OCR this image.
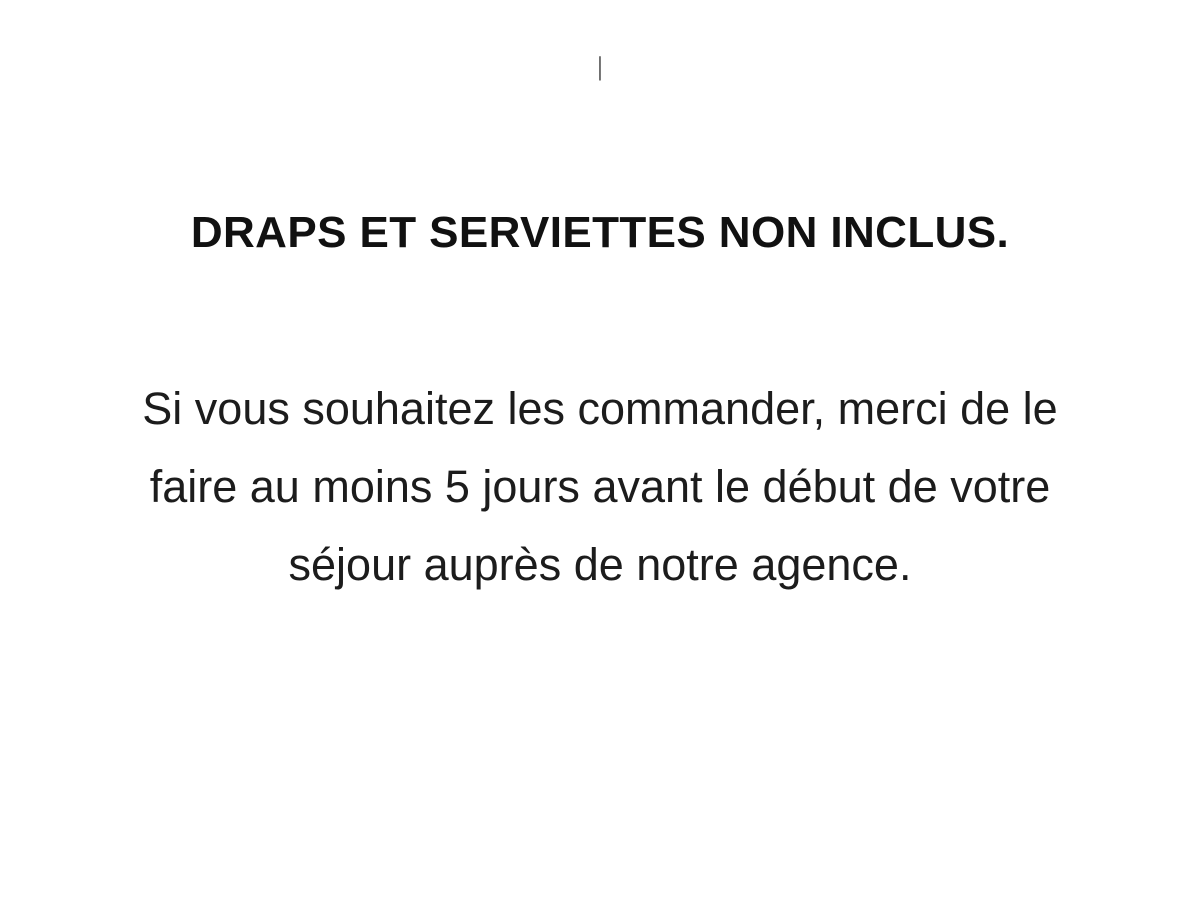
|
DRAPS ET SERVIETTES NON INCLUS.

Si vous souhaitez les commander, merci de le
faire au moins 5 jours avant le début de votre
séjour auprès de notre agence.
